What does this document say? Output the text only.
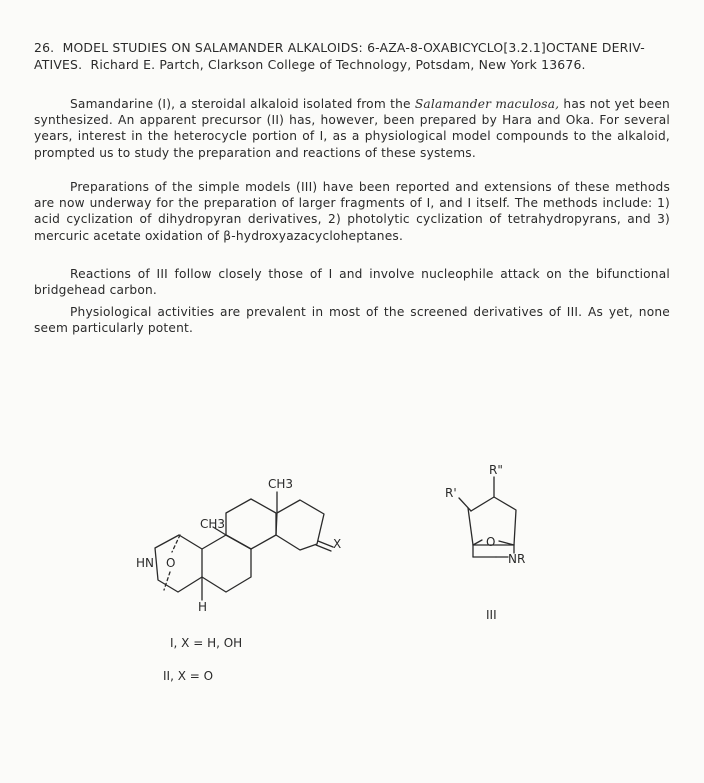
26.  MODEL STUDIES ON SALAMANDER ALKALOIDS: 6-AZA-8-OXABICYCLO[3.2.1]OCTANE DERIV-
ATIVES.  Richard E. Partch, Clarkson College of Technology, Potsdam, New York 13676.
Samandarine (I), a steroidal alkaloid isolated from the Salamander maculosa, has not yet been synthesized. An apparent precursor (II) has, however, been prepared by Hara and Oka. For several years, interest in the heterocycle portion of I, as a physiological model compounds to the alkaloid, prompted us to study the preparation and reactions of these systems.
Preparations of the simple models (III) have been reported and extensions of these methods are now underway for the preparation of larger fragments of I, and I itself. The methods include: 1) acid cyclization of dihydropyran derivatives, 2) photolytic cyclization of tetrahydropyrans, and 3) mercuric acetate oxidation of β-hydroxyazacycloheptanes.
Reactions of III follow closely those of I and involve nucleophile attack on the bifunctional bridgehead carbon.
Physiological activities are prevalent in most of the screened derivatives of III. As yet, none seem particularly potent.
CH3
CH3
X
HN O
H
I, X = H, OH
II, X = O
R"
R'
O
NR
III
